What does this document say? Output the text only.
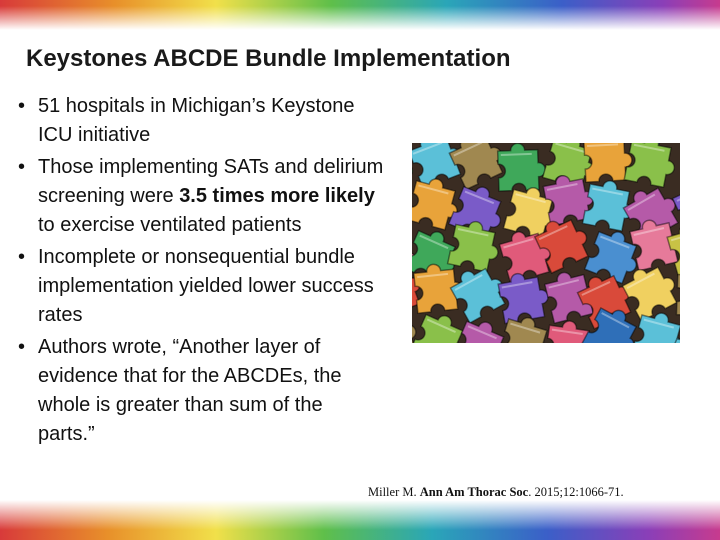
Keystones ABCDE Bundle Implementation
• 51 hospitals in Michigan’s Keystone ICU initiative
• Those implementing SATs and delirium screening were 3.5 times more likely to exercise ventilated patients
• Incomplete or nonsequential bundle implementation yielded lower success rates
• Authors wrote, “Another layer of evidence that for the ABCDEs, the whole is greater than sum of the parts.”
Miller M. Ann Am Thorac Soc. 2015;12:1066-71.
